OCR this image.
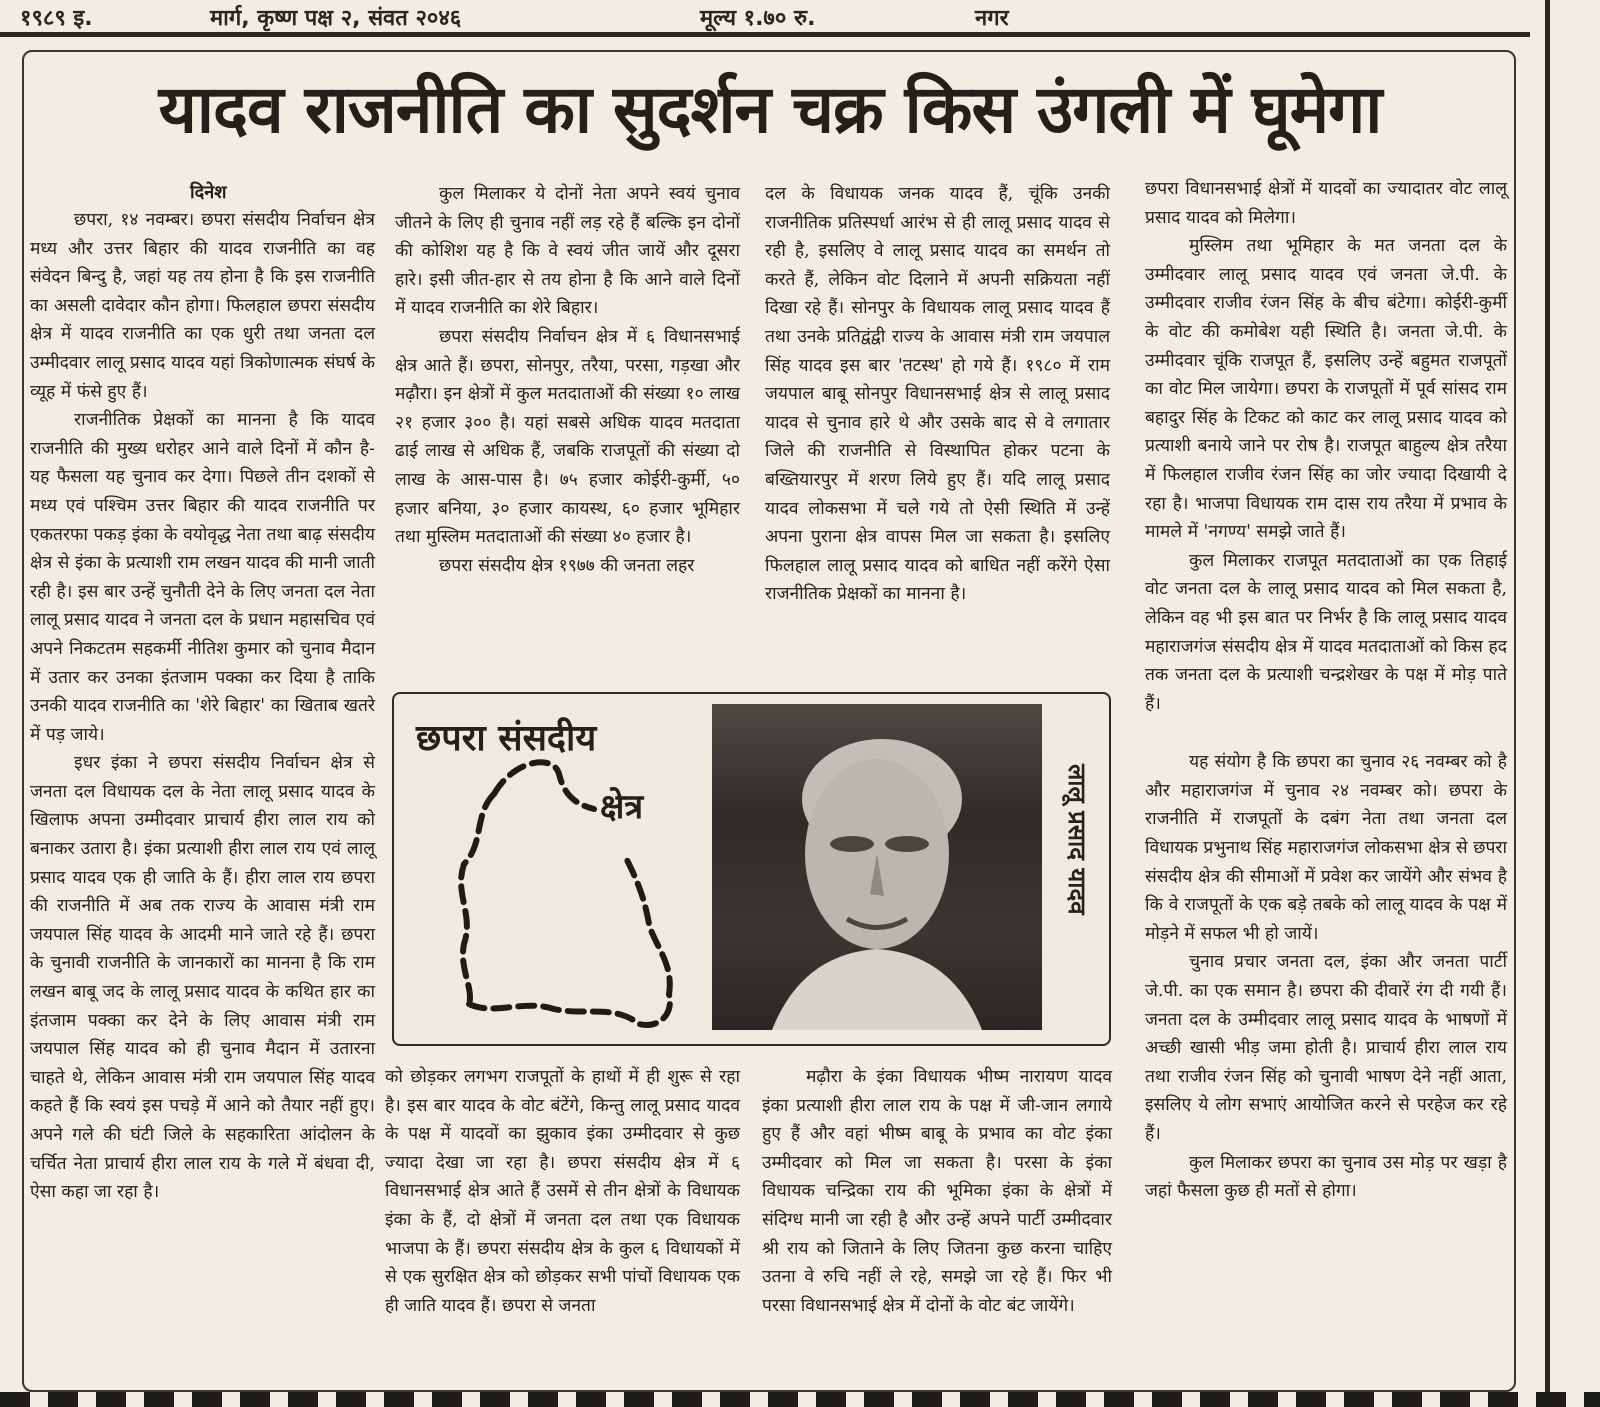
१९८९ इ.	मार्ग, कृष्ण पक्ष २, संवत २०४६	मूल्य १.७० रु.	नगर
यादव राजनीति का सुदर्शन चक्र किस उंगली में घूमेगा
दिनेश

छपरा, १४ नवम्बर। छपरा संसदीय निर्वाचन क्षेत्र मध्य और उत्तर बिहार की यादव राजनीति का वह संवेदन बिन्दु है, जहां यह तय होना है कि इस राजनीति का असली दावेदार कौन होगा। फिलहाल छपरा संसदीय क्षेत्र में यादव राजनीति का एक धुरी तथा जनता दल उम्मीदवार लालू प्रसाद यादव यहां त्रिकोणात्मक संघर्ष के व्यूह में फंसे हुए हैं।

राजनीतिक प्रेक्षकों का मानना है कि यादव राजनीति की मुख्य धरोहर आने वाले दिनों में कौन है- यह फैसला यह चुनाव कर देगा। पिछले तीन दशकों से मध्य एवं पश्चिम उत्तर बिहार की यादव राजनीति पर एकतरफा पकड़ इंका के वयोवृद्ध नेता तथा बाढ़ संसदीय क्षेत्र से इंका के प्रत्याशी राम लखन यादव की मानी जाती रही है। इस बार उन्हें चुनौती देने के लिए जनता दल नेता लालू प्रसाद यादव ने जनता दल के प्रधान महासचिव एवं अपने निकटतम सहकर्मी नीतिश कुमार को चुनाव मैदान में उतार कर उनका इंतजाम पक्का कर दिया है ताकि उनकी यादव राजनीति का 'शेरे बिहार' का खिताब खतरे में पड़ जाये।

इधर इंका ने छपरा संसदीय निर्वाचन क्षेत्र से जनता दल विधायक दल के नेता लालू प्रसाद यादव के खिलाफ अपना उम्मीदवार प्राचार्य हीरा लाल राय को बनाकर उतारा है। इंका प्रत्याशी हीरा लाल राय एवं लालू प्रसाद यादव एक ही जाति के हैं। हीरा लाल राय छपरा की राजनीति में अब तक राज्य के आवास मंत्री राम जयपाल सिंह यादव के आदमी माने जाते रहे हैं। छपरा के चुनावी राजनीति के जानकारों का मानना है कि राम लखन बाबू जद के लालू प्रसाद यादव के कथित हार का इंतजाम पक्का कर देने के लिए आवास मंत्री राम जयपाल सिंह यादव को ही चुनाव मैदान में उतारना चाहते थे, लेकिन आवास मंत्री राम जयपाल सिंह यादव कहते हैं कि स्वयं इस पचड़े में आने को तैयार नहीं हुए। अपने गले की घंटी जिले के सहकारिता आंदोलन के चर्चित नेता प्राचार्य हीरा लाल राय के गले में बंधवा दी, ऐसा कहा जा रहा है।

कुल मिलाकर ये दोनों नेता अपने स्वयं चुनाव जीतने के लिए ही चुनाव नहीं लड़ रहे हैं बल्कि इन दोनों की कोशिश यह है कि वे स्वयं जीत जायें और दूसरा हारे। इसी जीत-हार से तय होना है कि आने वाले दिनों में यादव राजनीति का शेरे बिहार।

छपरा संसदीय निर्वाचन क्षेत्र में ६ विधानसभाई क्षेत्र आते हैं। छपरा, सोनपुर, तरैया, परसा, गड़खा और मढ़ौरा। इन क्षेत्रों में कुल मतदाताओं की संख्या १० लाख २१ हजार ३०० है। यहां सबसे अधिक यादव मतदाता ढाई लाख से अधिक हैं, जबकि राजपूतों की संख्या दो लाख के आस-पास है। ७५ हजार कोईरी-कुर्मी, ५० हजार बनिया, ३० हजार कायस्थ, ६० हजार भूमिहार तथा मुस्लिम मतदाताओं की संख्या ४० हजार है।

छपरा संसदीय क्षेत्र १९७७ की जनता लहर

दल के विधायक जनक यादव हैं, चूंकि उनकी राजनीतिक प्रतिस्पर्धा आरंभ से ही लालू प्रसाद यादव से रही है, इसलिए वे लालू प्रसाद यादव का समर्थन तो करते हैं, लेकिन वोट दिलाने में अपनी सक्रियता नहीं दिखा रहे हैं। सोनपुर के विधायक लालू प्रसाद यादव हैं तथा उनके प्रतिद्वंद्वी राज्य के आवास मंत्री राम जयपाल सिंह यादव इस बार 'तटस्थ' हो गये हैं। १९८० में राम जयपाल बाबू सोनपुर विधानसभाई क्षेत्र से लालू प्रसाद यादव से चुनाव हारे थे और उसके बाद से वे लगातार जिले की राजनीति से विस्थापित होकर पटना के बख्तियारपुर में शरण लिये हुए हैं। यदि लालू प्रसाद यादव लोकसभा में चले गये तो ऐसी स्थिति में उन्हें अपना पुराना क्षेत्र वापस मिल जा सकता है। इसलिए फिलहाल लालू प्रसाद यादव को बाधित नहीं करेंगे ऐसा राजनीतिक प्रेक्षकों का मानना है।

छपरा संसदीय
क्षेत्र	लालू प्रसाद यादव

को छोड़कर लगभग राजपूतों के हाथों में ही शुरू से रहा है। इस बार यादव के वोट बंटेंगे, किन्तु लालू प्रसाद यादव के पक्ष में यादवों का झुकाव इंका उम्मीदवार से कुछ ज्यादा देखा जा रहा है। छपरा संसदीय क्षेत्र में ६ विधानसभाई क्षेत्र आते हैं उसमें से तीन क्षेत्रों के विधायक इंका के हैं, दो क्षेत्रों में जनता दल तथा एक विधायक भाजपा के हैं। छपरा संसदीय क्षेत्र के कुल ६ विधायकों में से एक सुरक्षित क्षेत्र को छोड़कर सभी पांचों विधायक एक ही जाति यादव हैं। छपरा से जनता

मढ़ौरा के इंका विधायक भीष्म नारायण यादव इंका प्रत्याशी हीरा लाल राय के पक्ष में जी-जान लगाये हुए हैं और वहां भीष्म बाबू के प्रभाव का वोट इंका उम्मीदवार को मिल जा सकता है। परसा के इंका विधायक चन्द्रिका राय की भूमिका इंका के क्षेत्रों में संदिग्ध मानी जा रही है और उन्हें अपने पार्टी उम्मीदवार श्री राय को जिताने के लिए जितना कुछ करना चाहिए उतना वे रुचि नहीं ले रहे, समझे जा रहे हैं। फिर भी परसा विधानसभाई क्षेत्र में दोनों के वोट बंट जायेंगे।

छपरा विधानसभाई क्षेत्रों में यादवों का ज्यादातर वोट लालू प्रसाद यादव को मिलेगा।

मुस्लिम तथा भूमिहार के मत जनता दल के उम्मीदवार लालू प्रसाद यादव एवं जनता जे.पी. के उम्मीदवार राजीव रंजन सिंह के बीच बंटेगा। कोईरी-कुर्मी के वोट की कमोबेश यही स्थिति है। जनता जे.पी. के उम्मीदवार चूंकि राजपूत हैं, इसलिए उन्हें बहुमत राजपूतों का वोट मिल जायेगा। छपरा के राजपूतों में पूर्व सांसद राम बहादुर सिंह के टिकट को काट कर लालू प्रसाद यादव को प्रत्याशी बनाये जाने पर रोष है। राजपूत बाहुल्य क्षेत्र तरैया में फिलहाल राजीव रंजन सिंह का जोर ज्यादा दिखायी दे रहा है। भाजपा विधायक राम दास राय तरैया में प्रभाव के मामले में 'नगण्य' समझे जाते हैं।

कुल मिलाकर राजपूत मतदाताओं का एक तिहाई वोट जनता दल के लालू प्रसाद यादव को मिल सकता है, लेकिन वह भी इस बात पर निर्भर है कि लालू प्रसाद यादव महाराजगंज संसदीय क्षेत्र में यादव मतदाताओं को किस हद तक जनता दल के प्रत्याशी चन्द्रशेखर के पक्ष में मोड़ पाते हैं।

यह संयोग है कि छपरा का चुनाव २६ नवम्बर को है और महाराजगंज में चुनाव २४ नवम्बर को। छपरा के राजनीति में राजपूतों के दबंग नेता तथा जनता दल विधायक प्रभुनाथ सिंह महाराजगंज लोकसभा क्षेत्र से छपरा संसदीय क्षेत्र की सीमाओं में प्रवेश कर जायेंगे और संभव है कि वे राजपूतों के एक बड़े तबके को लालू यादव के पक्ष में मोड़ने में सफल भी हो जायें।

चुनाव प्रचार जनता दल, इंका और जनता पार्टी जे.पी. का एक समान है। छपरा की दीवारें रंग दी गयी हैं। जनता दल के उम्मीदवार लालू प्रसाद यादव के भाषणों में अच्छी खासी भीड़ जमा होती है। प्राचार्य हीरा लाल राय तथा राजीव रंजन सिंह को चुनावी भाषण देने नहीं आता, इसलिए ये लोग सभाएं आयोजित करने से परहेज कर रहे हैं।

कुल मिलाकर छपरा का चुनाव उस मोड़ पर खड़ा है जहां फैसला कुछ ही मतों से होगा।
